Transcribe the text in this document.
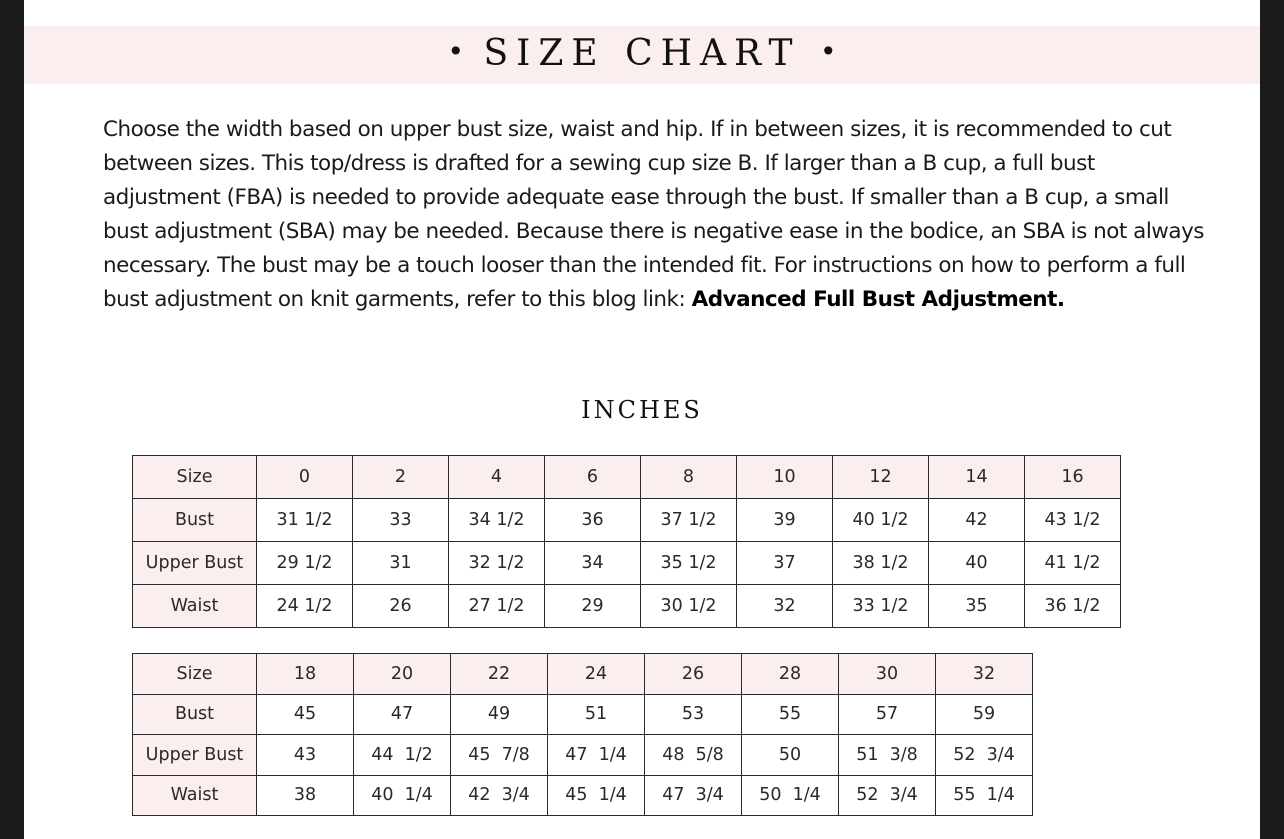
• SIZE CHART •
Choose the width based on upper bust size, waist and hip. If in between sizes, it is recommended to cut between sizes. This top/dress is drafted for a sewing cup size B. If larger than a B cup, a full bust adjustment (FBA) is needed to provide adequate ease through the bust. If smaller than a B cup, a small bust adjustment (SBA) may be needed. Because there is negative ease in the bodice, an SBA is not always necessary. The bust may be a touch looser than the intended fit. For instructions on how to perform a full bust adjustment on knit garments, refer to this blog link: Advanced Full Bust Adjustment.
INCHES
Size	0	2	4	6	8	10	12	14	16
Bust	31 1/2	33	34 1/2	36	37 1/2	39	40 1/2	42	43 1/2
Upper Bust	29 1/2	31	32 1/2	34	35 1/2	37	38 1/2	40	41 1/2
Waist	24 1/2	26	27 1/2	29	30 1/2	32	33 1/2	35	36 1/2
Size	18	20	22	24	26	28	30	32
Bust	45	47	49	51	53	55	57	59
Upper Bust	43	44  1/2	45  7/8	47  1/4	48  5/8	50	51  3/8	52  3/4
Waist	38	40  1/4	42  3/4	45  1/4	47  3/4	50  1/4	52  3/4	55  1/4
